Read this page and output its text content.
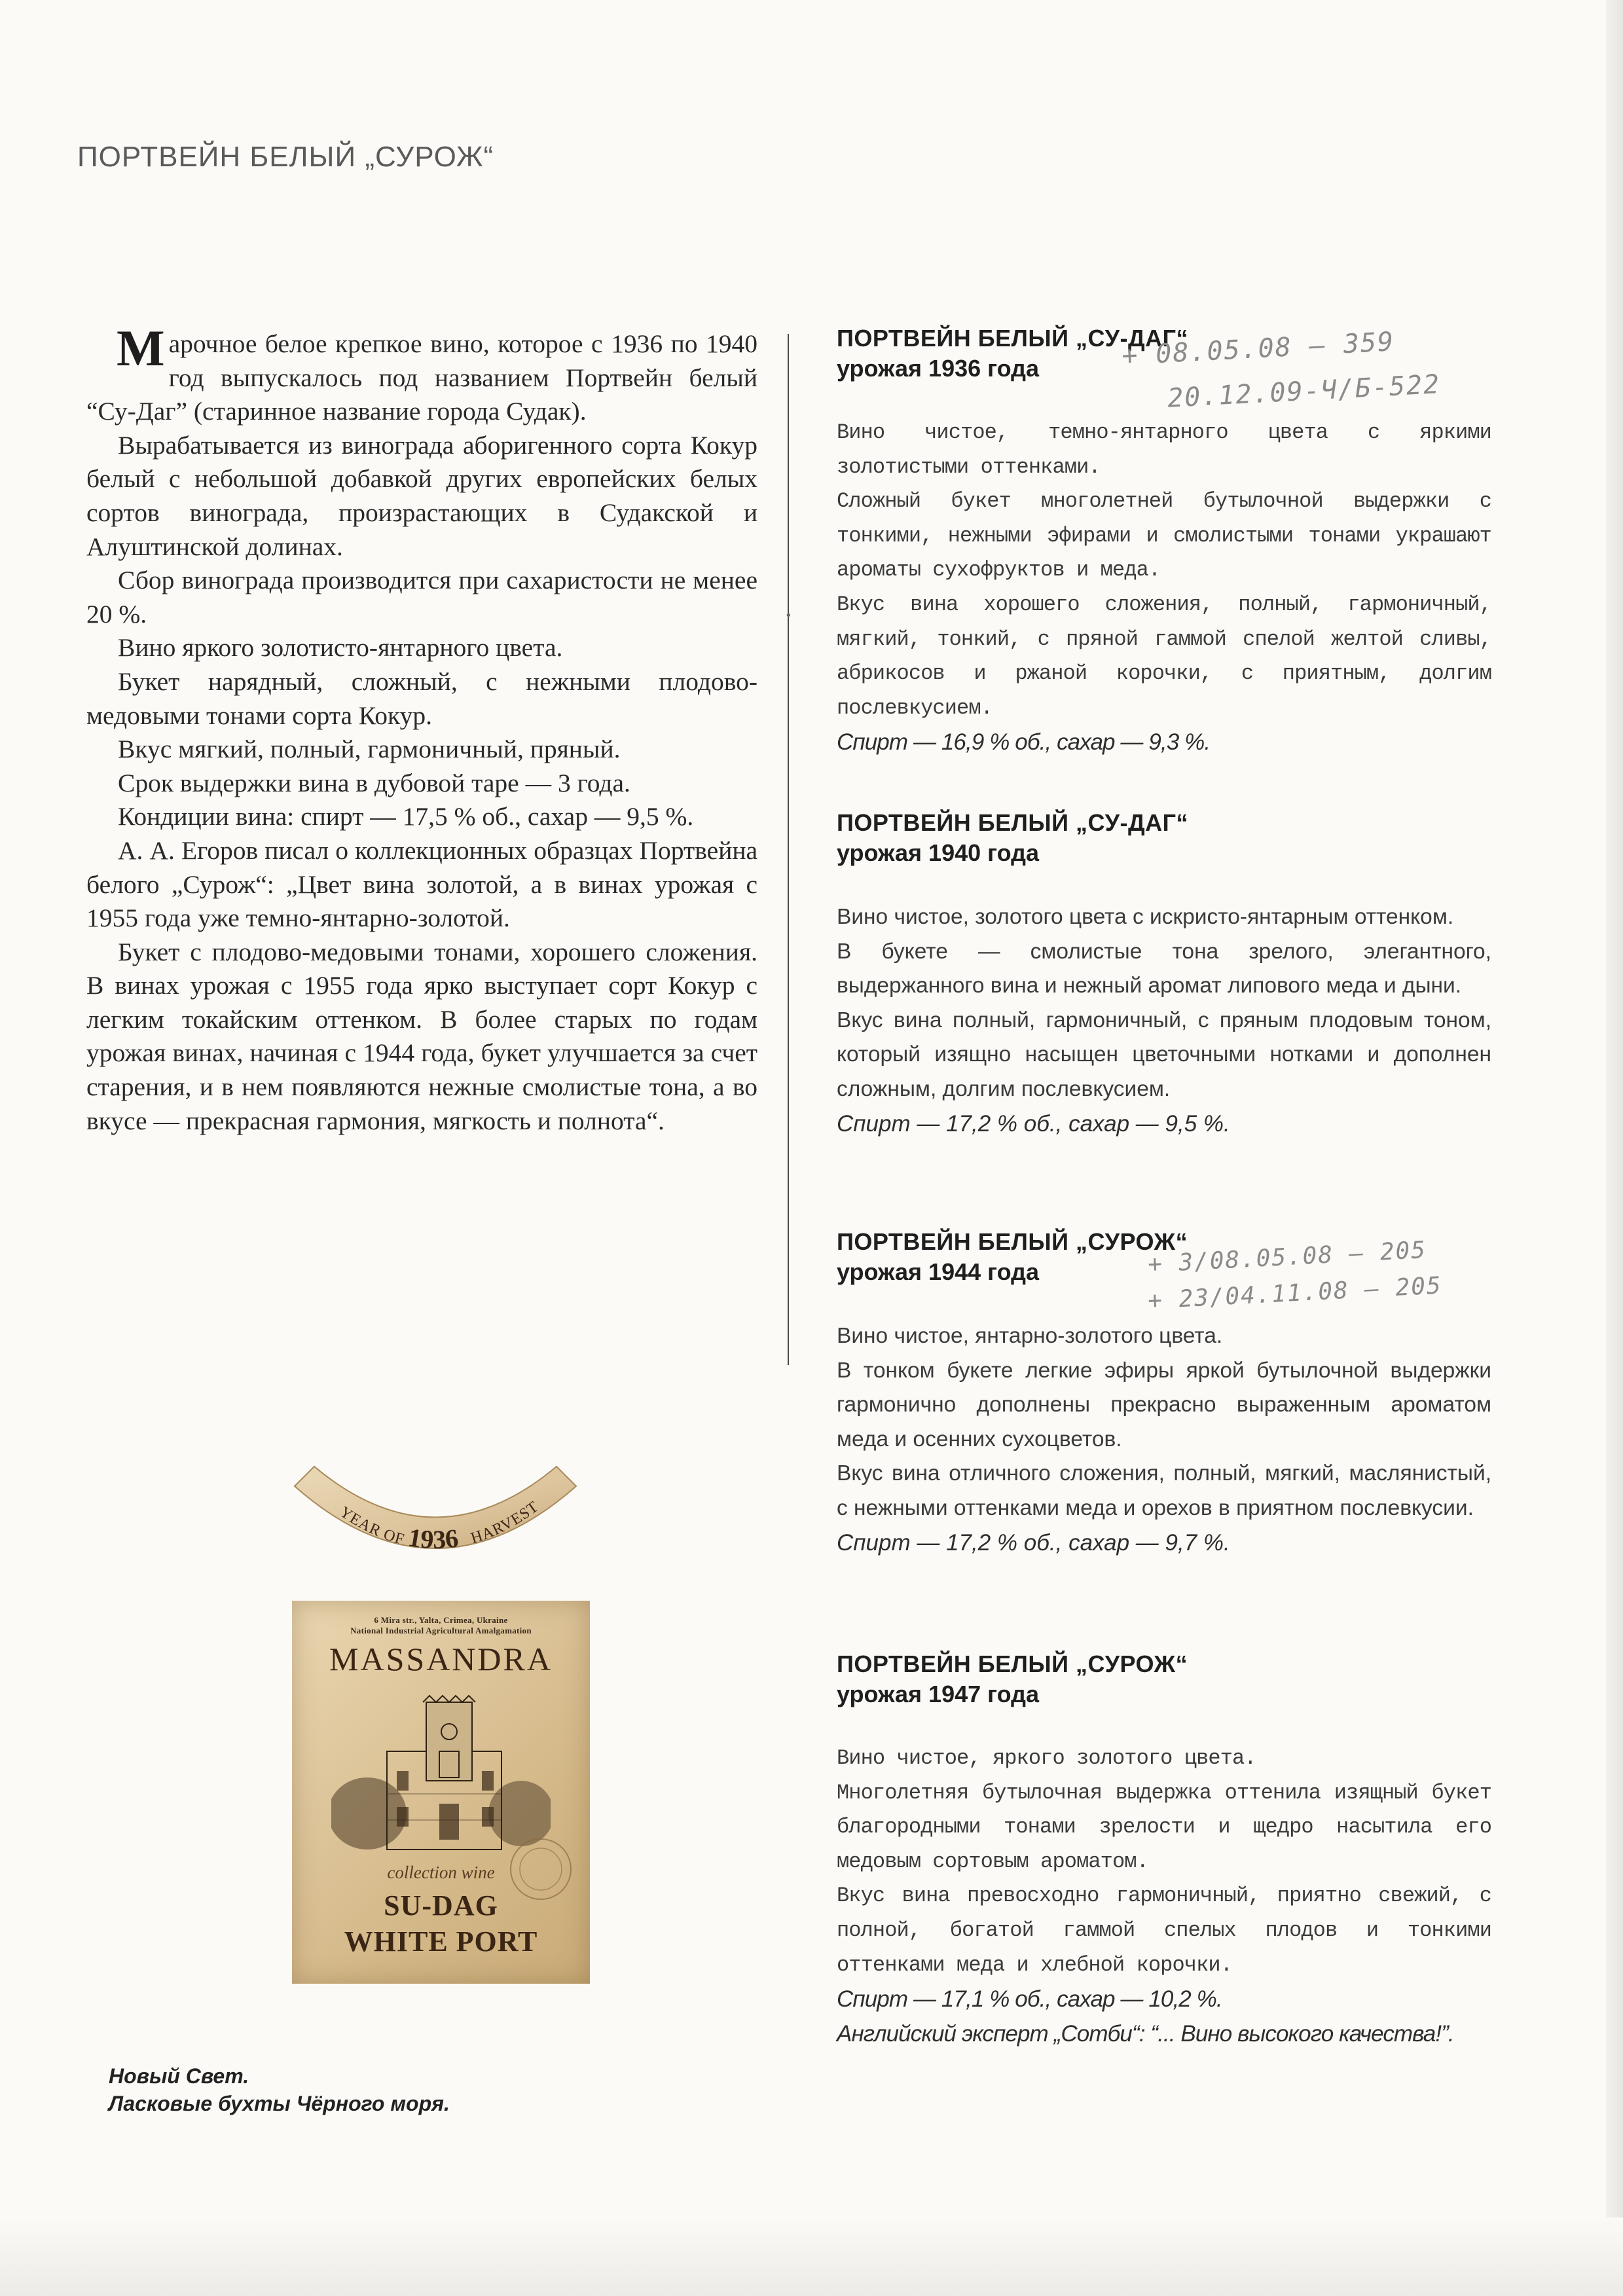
ПОРТВЕЙН БЕЛЫЙ „СУРОЖ“

Марочное белое крепкое вино, которое с 1936 по 1940 год выпускалось под названием Портвейн белый “Су-Даг” (старинное название города Судак).

Вырабатывается из винограда аборигенного сорта Кокур белый с небольшой добавкой других европейских белых сортов винограда, произрастающих в Судакской и Алуштинской долинах.

Сбор винограда производится при сахаристости не менее 20 %.

Вино яркого золотисто-янтарного цвета.

Букет нарядный, сложный, с нежными плодово-медовыми тонами сорта Кокур.

Вкус мягкий, полный, гармоничный, пряный.

Срок выдержки вина в дубовой таре — 3 года.

Кондиции вина: спирт — 17,5 % об., сахар — 9,5 %.

А. А. Егоров писал о коллекционных образцах Портвейна белого „Сурож“: „Цвет вина золотой, а в винах урожая с 1955 года уже темно-янтарно-золотой.

Букет с плодово-медовыми тонами, хорошего сложения. В винах урожая с 1955 года ярко выступает сорт Кокур с легким токайским оттенком. В более старых по годам урожая винах, начиная с 1944 года, букет улучшается за счет старения, и в нем появляются нежные смолистые тона, а во вкусе — прекрасная гармония, мягкость и полнота“.

•
ПОРТВЕЙН БЕЛЫЙ „СУ-ДАГ“
урожая 1936 года

Вино чистое, темно-янтарного цвета с яркими золотистыми оттенками.

Сложный букет многолетней бутылочной выдержки с тонкими, нежными эфирами и смолистыми тонами украшают ароматы сухофруктов и меда.

Вкус вина хорошего сложения, полный, гармоничный, мягкий, тонкий, с пряной гаммой спелой желтой сливы, абрикосов и ржаной корочки, с приятным, долгим послевкусием.

Спирт — 16,9 % об., сахар — 9,3 %.

+ 08.05.08 – 359
20.12.09-Ч/Б-522
ПОРТВЕЙН БЕЛЫЙ „СУ-ДАГ“
урожая 1940 года

Вино чистое, золотого цвета с искристо-янтарным оттенком.

В букете — смолистые тона зрелого, элегантного, выдержанного вина и нежный аромат липового меда и дыни.

Вкус вина полный, гармоничный, с пряным плодовым тоном, который изящно насыщен цветочными нотками и дополнен сложным, долгим послевкусием.

Спирт — 17,2 % об., сахар — 9,5 %.

ПОРТВЕЙН БЕЛЫЙ „СУРОЖ“
урожая 1944 года

Вино чистое, янтарно-золотого цвета.

В тонком букете легкие эфиры яркой бутылочной выдержки гармонично дополнены прекрасно выраженным ароматом меда и осенних сухоцветов.

Вкус вина отличного сложения, полный, мягкий, маслянистый, с нежными оттенками меда и орехов в приятном послевкусии.

Спирт — 17,2 % об., сахар — 9,7 %.

+ 3/08.05.08 – 205
+ 23/04.11.08 – 205
ПОРТВЕЙН БЕЛЫЙ „СУРОЖ“
урожая 1947 года

Вино чистое, яркого золотого цвета.

Многолетняя бутылочная выдержка оттенила изящный букет благородными тонами зрелости и щедро насытила его медовым сортовым ароматом.

Вкус вина превосходно гармоничный, приятно свежий, с полной, богатой гаммой спелых плодов и тонкими оттенками меда и хлебной корочки.

Спирт — 17,1 % об., сахар — 10,2 %.

Английский эксперт „Сотби“: “... Вино высокого качества!”.

YEAR OF 1936 HARVEST
6 Mira str., Yalta, Crimea, Ukraine
National Industrial Agricultural Amalgamation
MASSANDRA
collection wine
SU-DAG
WHITE PORT
Новый Свет.
Ласковые бухты Чёрного моря.
